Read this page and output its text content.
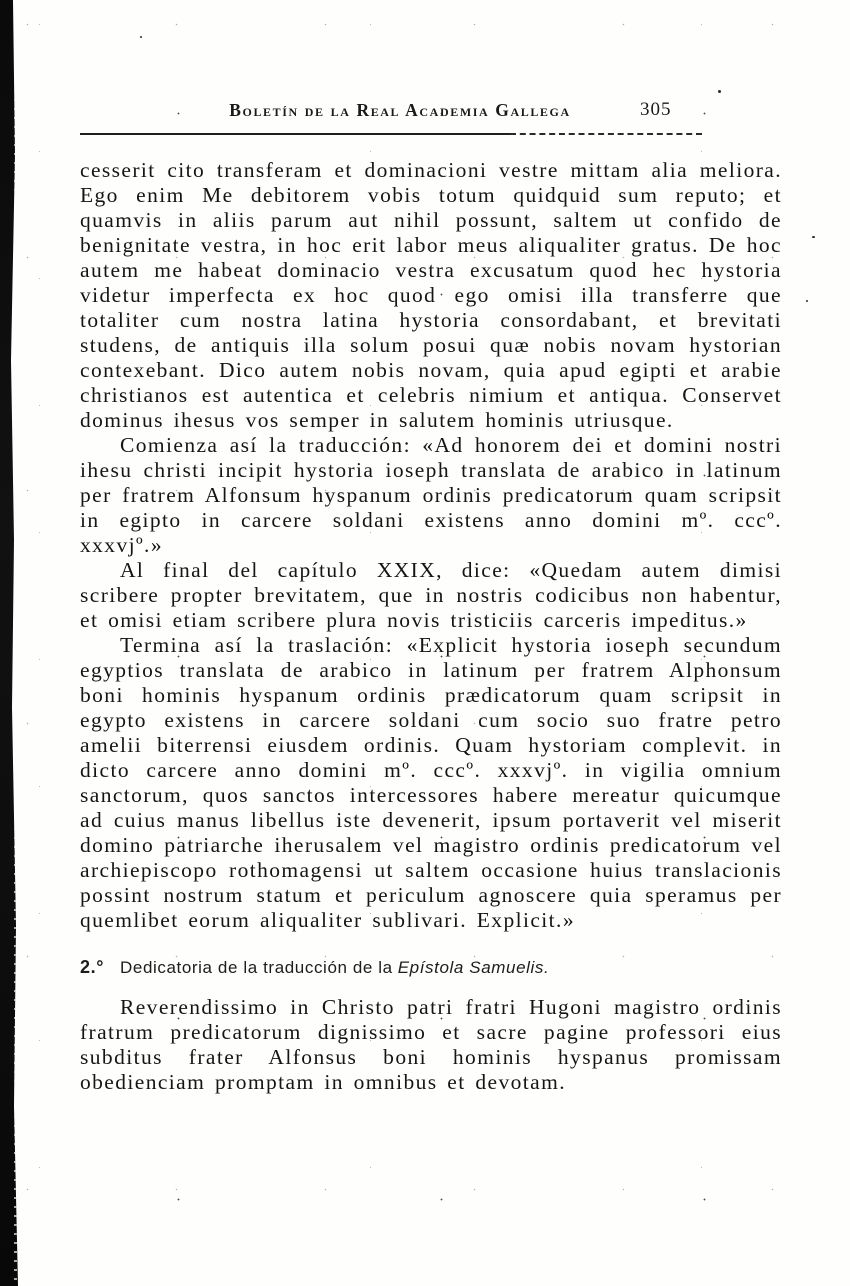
Boletín de la Real Academia Gallega	305

cesserit cito transferam et dominacioni vestre mittam alia meliora. Ego enim Me debitorem vobis totum quidquid sum reputo; et quamvis in aliis parum aut nihil possunt, saltem ut confido de benignitate vestra, in hoc erit labor meus aliqualiter gratus. De hoc autem me habeat dominacio vestra excusatum quod hec hystoria videtur imperfecta ex hoc quod ego omisi illa transferre que totaliter cum nostra latina hystoria consordabant, et brevitati studens, de antiquis illa solum posui quæ nobis novam hystorian contexebant. Dico autem nobis novam, quia apud egipti et arabie christianos est autentica et celebris nimium et antiqua. Conservet dominus ihesus vos semper in salutem hominis utriusque.

Comienza así la traducción: «Ad honorem dei et domini nostri ihesu christi incipit hystoria ioseph translata de arabico in latinum per fratrem Alfonsum hyspanum ordinis predicatorum quam scripsit in egipto in carcere soldani existens anno domini mº. cccº. xxxvjº.»

Al final del capítulo XXIX, dice: «Quedam autem dimisi scribere propter brevitatem, que in nostris codicibus non habentur, et omisi etiam scribere plura novis tristiciis carceris impeditus.»

Termina así la traslación: «Explicit hystoria ioseph secundum egyptios translata de arabico in latinum per fratrem Alphonsum boni hominis hyspanum ordinis prædicatorum quam scripsit in egypto existens in carcere soldani cum socio suo fratre petro amelii biterrensi eiusdem ordinis. Quam hystoriam complevit. in dicto carcere anno domini mº. cccº. xxxvjº. in vigilia omnium sanctorum, quos sanctos intercessores habere mereatur quicumque ad cuius manus libellus iste devenerit, ipsum portaverit vel miserit domino patriarche iherusalem vel magistro ordinis predicatorum vel archiepiscopo rothomagensi ut saltem occasione huius translacionis possint nostrum statum et periculum agnoscere quia speramus per quemlibet eorum aliqualiter sublivari. Explicit.»

2.° Dedicatoria de la traducción de la Epístola Samuelis.

Reverendissimo in Christo patri fratri Hugoni magistro ordinis fratrum predicatorum dignissimo et sacre pagine professori eius subditus frater Alfonsus boni hominis hyspanus promissam obedienciam promptam in omnibus et devotam.
